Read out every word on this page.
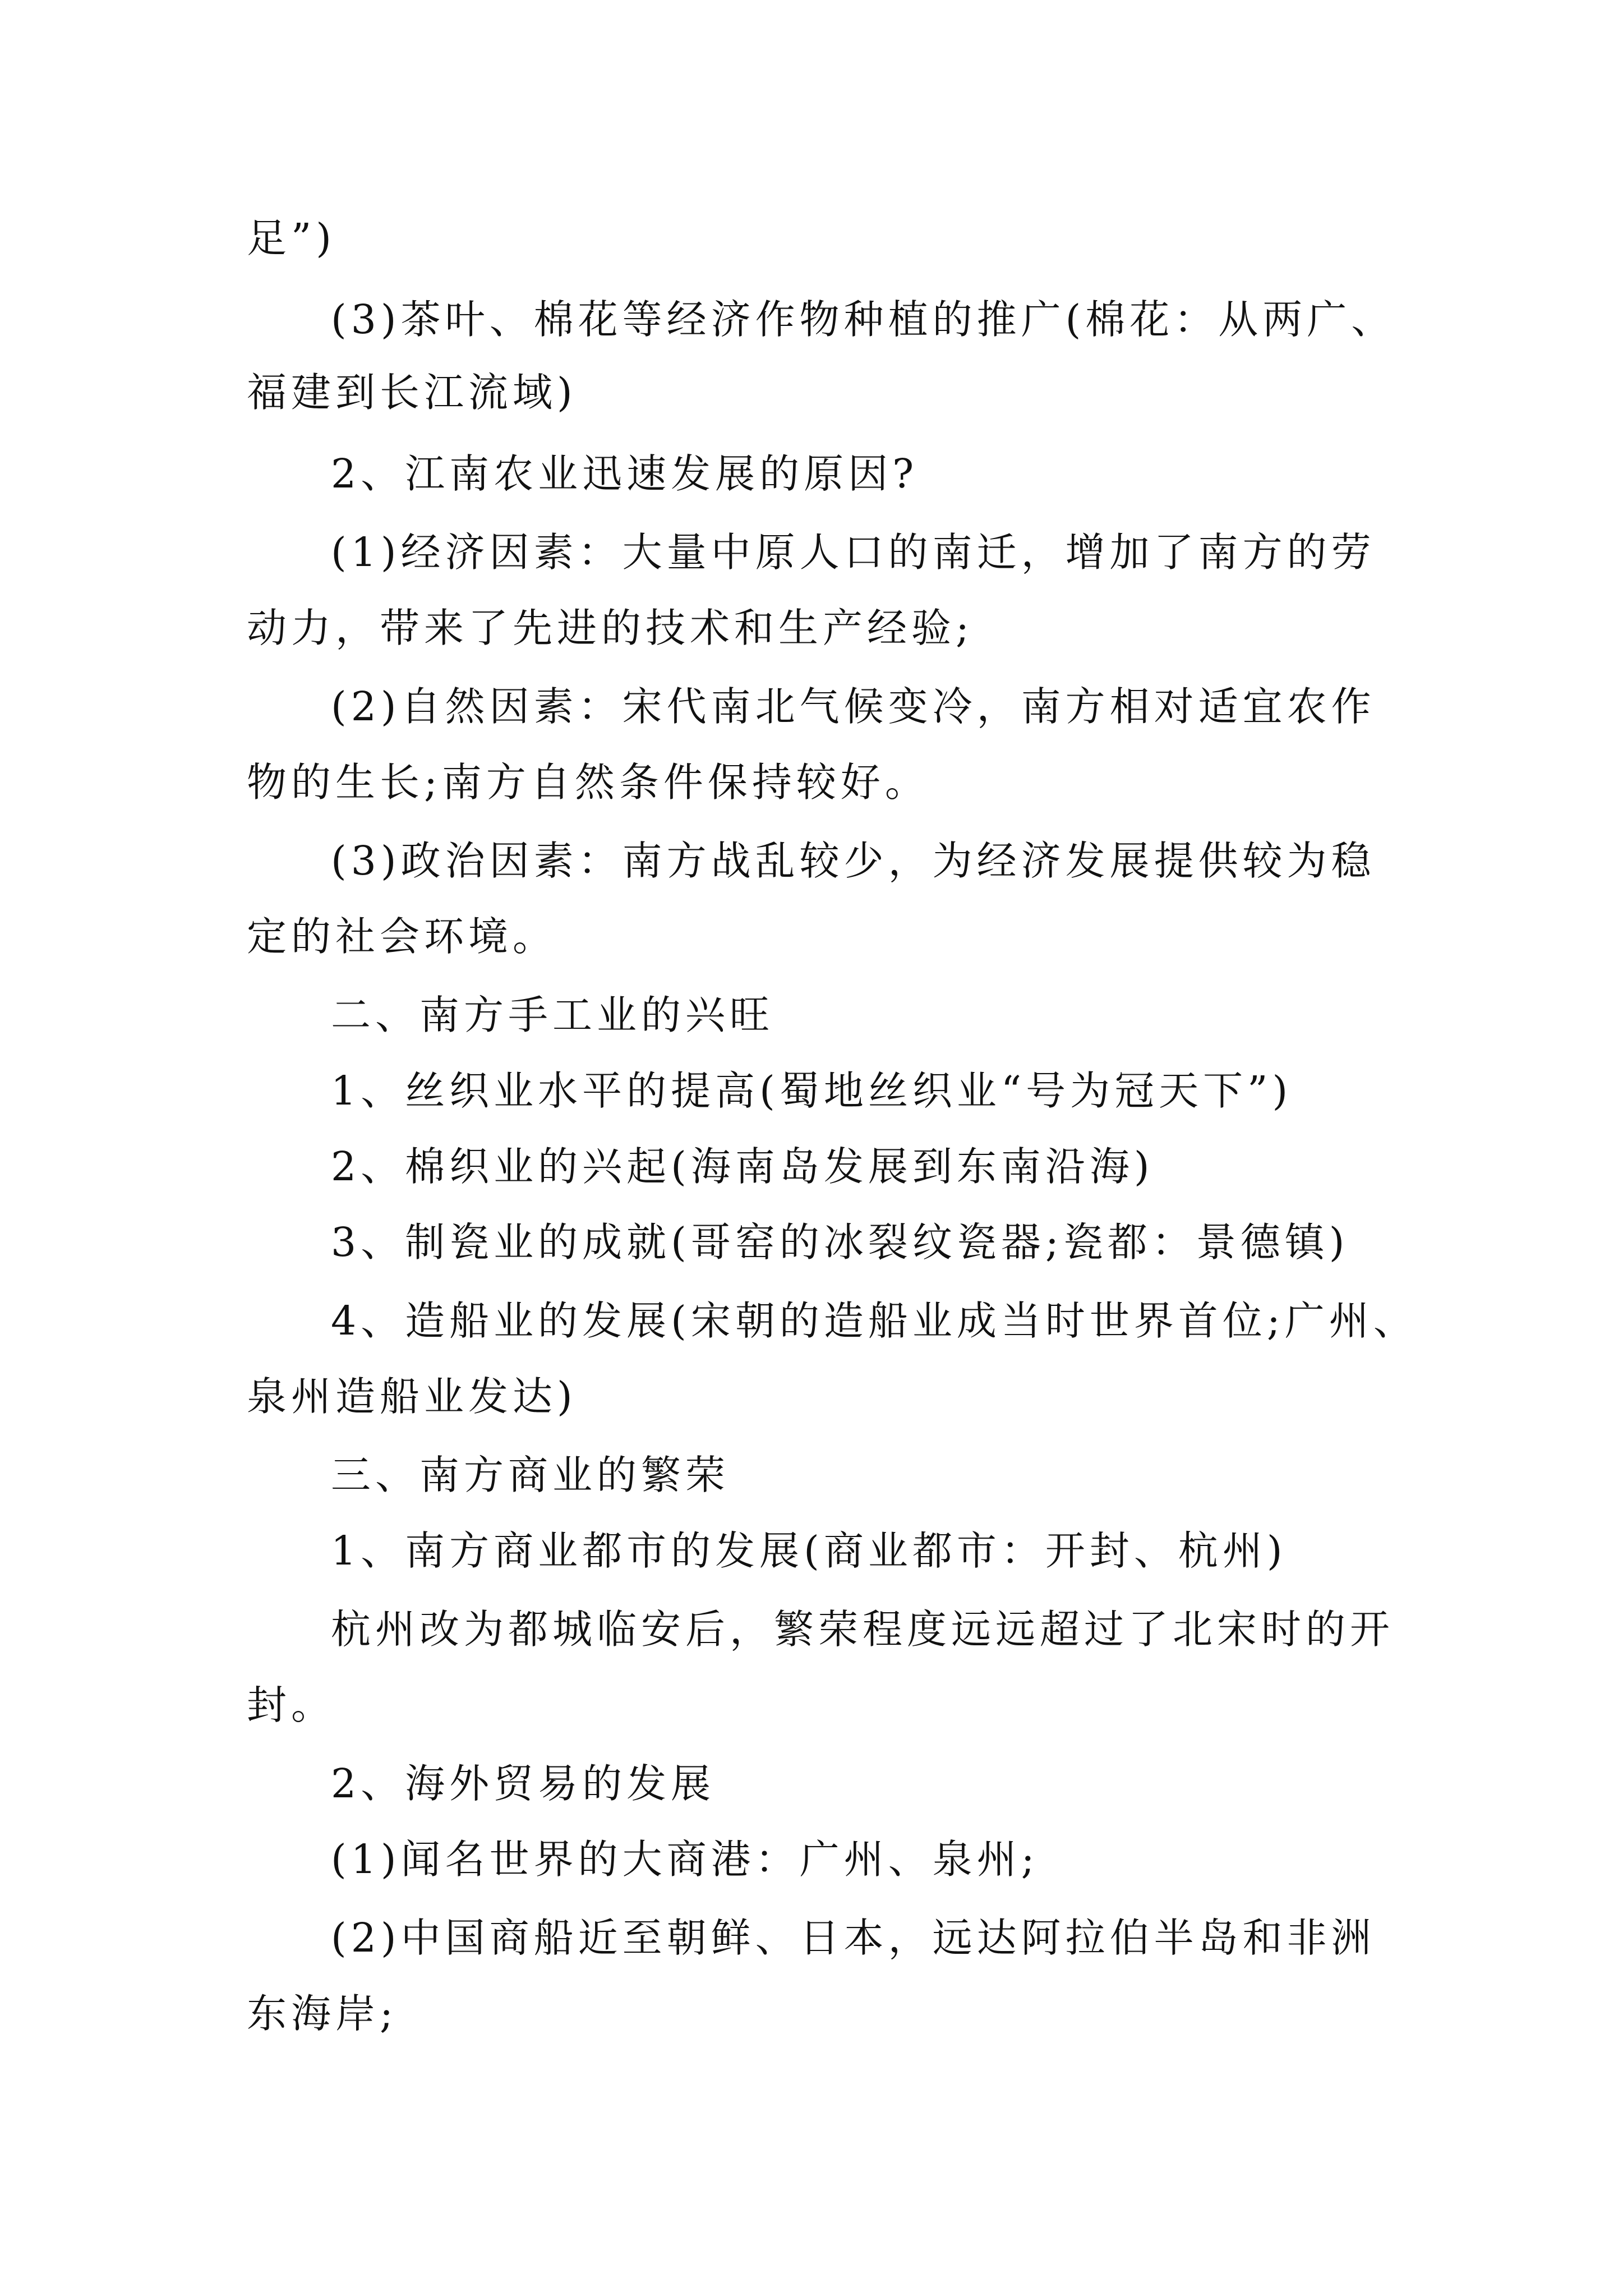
足”)
(3)茶叶、棉花等经济作物种植的推广(棉花：从两广、
福建到长江流域)
2、江南农业迅速发展的原因?
(1)经济因素：大量中原人口的南迁，增加了南方的劳
动力，带来了先进的技术和生产经验;
(2)自然因素：宋代南北气候变冷，南方相对适宜农作
物的生长;南方自然条件保持较好。
(3)政治因素：南方战乱较少，为经济发展提供较为稳
定的社会环境。
二、南方手工业的兴旺
1、丝织业水平的提高(蜀地丝织业“号为冠天下”)
2、棉织业的兴起(海南岛发展到东南沿海)
3、制瓷业的成就(哥窑的冰裂纹瓷器;瓷都：景德镇)
4、造船业的发展(宋朝的造船业成当时世界首位;广州、
泉州造船业发达)
三、南方商业的繁荣
1、南方商业都市的发展(商业都市：开封、杭州)
杭州改为都城临安后，繁荣程度远远超过了北宋时的开
封。
2、海外贸易的发展
(1)闻名世界的大商港：广州、泉州;
(2)中国商船近至朝鲜、日本，远达阿拉伯半岛和非洲
东海岸;
